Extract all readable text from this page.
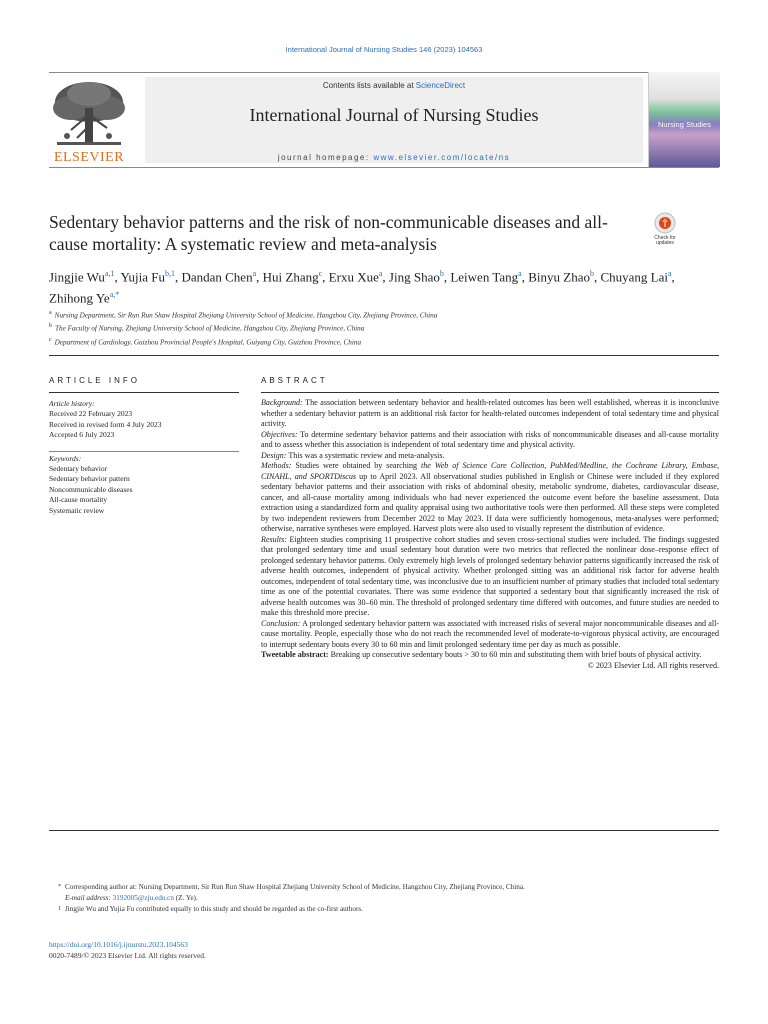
International Journal of Nursing Studies 146 (2023) 104563
ELSEVIER
Contents lists available at ScienceDirect
International Journal of Nursing Studies
journal homepage: www.elsevier.com/locate/ns
Nursing Studies
Sedentary behavior patterns and the risk of non-communicable diseases and all-cause mortality: A systematic review and meta-analysis	Check for
updates
Jingjie Wu$^{a,1}$, Yujia Fu$^{b,1}$, Dandan Chen$^a$, Hui Zhang$^c$, Erxu Xue$^a$, Jing Shao$^b$, Leiwen Tang$^a$, Binyu Zhao$^b$, Chuyang Lai$^a$, Zhihong $Ye^{a,*}$
$^a$ Nursing Department, Sir Run Run Shaw Hospital Zhejiang University School of Medicine, Hangzhou City, Zhejiang Province, China
$^b$ The Faculty of Nursing, Zhejiang University School of Medicine, Hangzhou City, Zhejiang Province, China
$^c$ Department of Cardiology, Guizhou Provincial People's Hospital, Guiyang City, Guizhou Province, China
ARTICLE INFO
Article history:
Received 22 February 2023
Received in revised form 4 July 2023
Accepted 6 July 2023
Keywords:
Sedentary behavior
Sedentary behavior pattern
Noncommunicable diseases
All-cause mortality
Systematic review
ABSTRACT

Background: The association between sedentary behavior and health-related outcomes has been well established, whereas it is inconclusive whether a sedentary behavior pattern is an additional risk factor for health-related outcomes independent of total sedentary time and physical activity.

Objectives: To determine sedentary behavior patterns and their association with risks of noncommunicable diseases and all-cause mortality and to assess whether this association is independent of total sedentary time and physical activity.

Design: This was a systematic review and meta-analysis.

Methods: Studies were obtained by searching the Web of Science Core Collection, PubMed/Medline, the Cochrane Library, Embase, CINAHL, and SPORTDiscus up to April 2023. All observational studies published in English or Chinese were included if they explored sedentary behavior patterns and their association with risks of abdominal obesity, metabolic syndrome, diabetes, cardiovascular disease, cancer, and all-cause mortality among individuals who had never experienced the outcome event before the baseline assessment. Data extraction using a standardized form and quality appraisal using two authoritative tools were then performed. All these steps were completed by two independent reviewers from December 2022 to May 2023. If data were sufficiently homogenous, meta-analyses were performed; otherwise, narrative syntheses were employed. Harvest plots were also used to visually represent the distribution of evidence.

Results: Eighteen studies comprising 11 prospective cohort studies and seven cross-sectional studies were included. The findings suggested that prolonged sedentary time and usual sedentary bout duration were two metrics that reflected the nonlinear dose–response effect of prolonged sedentary behavior patterns. Only extremely high levels of prolonged sedentary behavior patterns significantly increased the risk of adverse health outcomes, independent of physical activity. Whether prolonged sitting was an additional risk factor for adverse health outcomes, independent of total sedentary time, was inconclusive due to an insufficient number of primary studies that included total sedentary time as one of the potential covariates. There was some evidence that supported a sedentary bout that significantly increased the risk of adverse health outcomes was 30–60 min. The threshold of prolonged sedentary time differed with outcomes, and future studies are needed to make this threshold more precise.

Conclusion: A prolonged sedentary behavior pattern was associated with increased risks of several major noncommunicable diseases and all-cause mortality. People, especially those who do not reach the recommended level of moderate-to-vigorous physical activity, are encouraged to interrupt sedentary bouts every 30 to 60 min and limit prolonged sedentary time per day as much as possible.

Tweetable abstract: Breaking up consecutive sedentary bouts > 30 to 60 min and substituting them with brief bouts of physical activity.

© 2023 Elsevier Ltd. All rights reserved.

* Corresponding author at: Nursing Department, Sir Run Run Shaw Hospital Zhejiang University School of Medicine, Hangzhou City, Zhejiang Province, China.
E-mail address: 3192005@zju.edu.cn (Z. Ye).
1 Jingjie Wu and Yujia Fu contributed equally to this study and should be regarded as the co-first authors.
https://doi.org/10.1016/j.ijnurstu.2023.104563
0020-7489/© 2023 Elsevier Ltd. All rights reserved.
